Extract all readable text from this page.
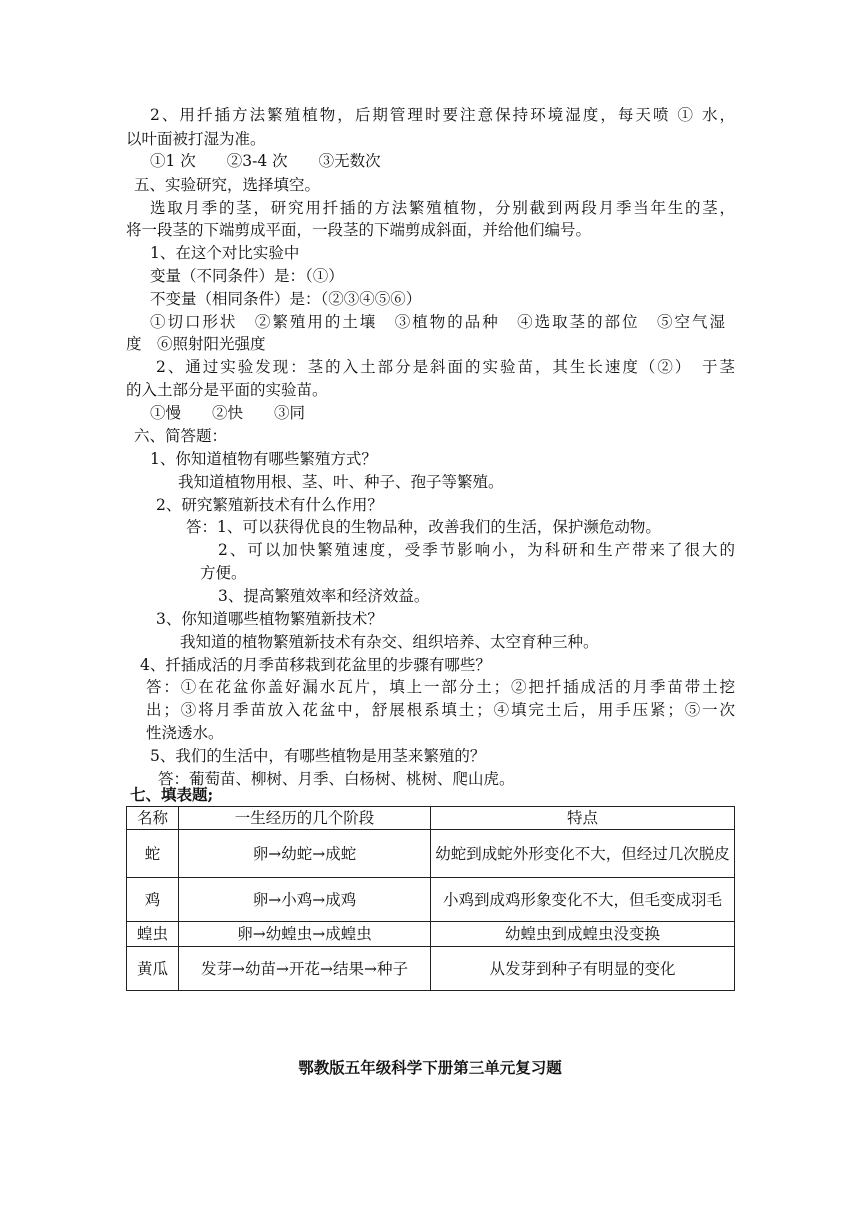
2、用扦插方法繁殖植物，后期管理时要注意保持环境湿度，每天喷 ① 水，
以叶面被打湿为准。
①1 次　　②3-4 次　　③无数次
五、实验研究，选择填空。
选取月季的茎，研究用扦插的方法繁殖植物，分别截到两段月季当年生的茎，
将一段茎的下端剪成平面，一段茎的下端剪成斜面，并给他们编号。
1、在这个对比实验中
变量（不同条件）是：（①）
不变量（相同条件）是：（②③④⑤⑥）
①切口形状　②繁殖用的土壤　③植物的品种　④选取茎的部位　⑤空气湿
度　⑥照射阳光强度
2、通过实验发现：茎的入土部分是斜面的实验苗，其生长速度（②）　于茎
的入土部分是平面的实验苗。
①慢　　②快　　③同
六、简答题：
1、你知道植物有哪些繁殖方式？
我知道植物用根、茎、叶、种子、孢子等繁殖。
2、研究繁殖新技术有什么作用？
答：1、可以获得优良的生物品种，改善我们的生活，保护濒危动物。
2、可以加快繁殖速度，受季节影响小，为科研和生产带来了很大的
方便。
3、提高繁殖效率和经济效益。
3、你知道哪些植物繁殖新技术？
我知道的植物繁殖新技术有杂交、组织培养、太空育种三种。
4、扦插成活的月季苗移栽到花盆里的步骤有哪些？
答：①在花盆你盖好漏水瓦片，填上一部分土；②把扦插成活的月季苗带土挖
出；③将月季苗放入花盆中，舒展根系填土；④填完土后，用手压紧；⑤一次
性浇透水。
5、我们的生活中，有哪些植物是用茎来繁殖的？
答：葡萄苗、柳树、月季、白杨树、桃树、爬山虎。
七、填表题;
名称	一生经历的几个阶段	特点
蛇	卵→幼蛇→成蛇	幼蛇到成蛇外形变化不大，但经过几次脱皮
鸡	卵→小鸡→成鸡	小鸡到成鸡形象变化不大，但毛变成羽毛
蝗虫	卵→幼蝗虫→成蝗虫	幼蝗虫到成蝗虫没变换
黄瓜	发芽→幼苗→开花→结果→种子	从发芽到种子有明显的变化
鄂教版五年级科学下册第三单元复习题
